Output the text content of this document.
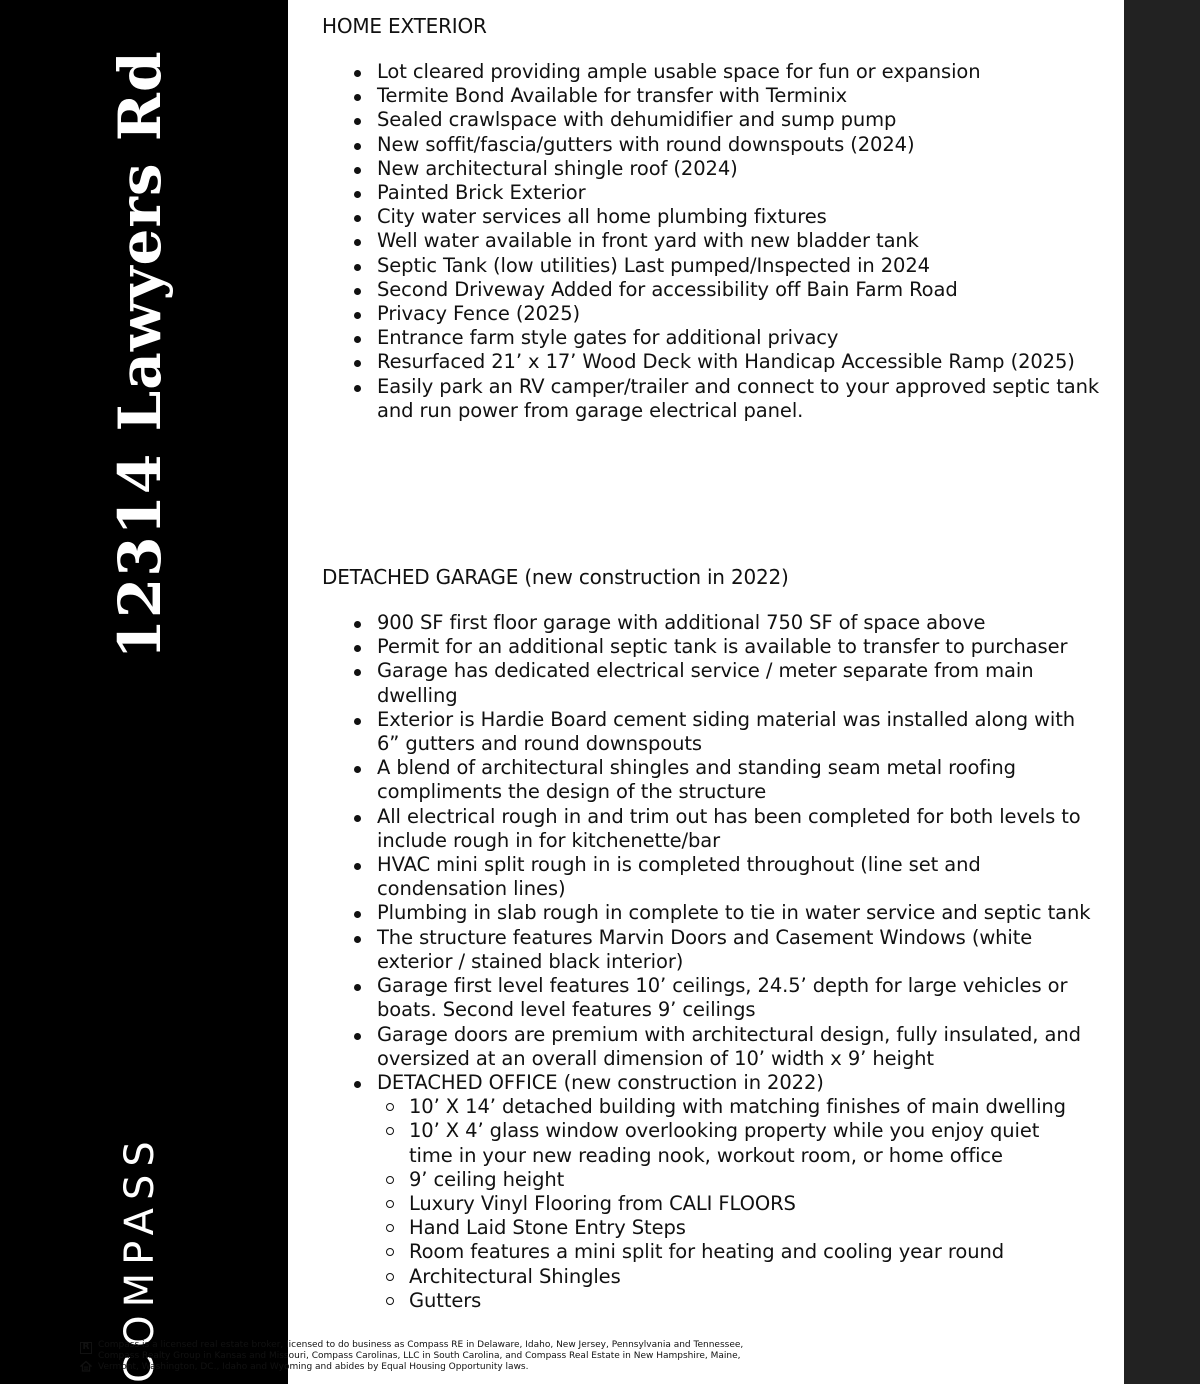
12314 Lawyers Rd
COMPASS
HOME EXTERIOR
Lot cleared providing ample usable space for fun or expansion
Termite Bond Available for transfer with Terminix
Sealed crawlspace with dehumidifier and sump pump
New soffit/fascia/gutters with round downspouts (2024)
New architectural shingle roof (2024)
Painted Brick Exterior
City water services all home plumbing fixtures
Well water available in front yard with new bladder tank
Septic Tank (low utilities) Last pumped/Inspected in 2024
Second Driveway Added for accessibility off Bain Farm Road
Privacy Fence (2025)
Entrance farm style gates for additional privacy
Resurfaced 21’ x 17’ Wood Deck with Handicap Accessible Ramp (2025)
Easily park an RV camper/trailer and connect to your approved septic tank and run power from garage electrical panel.
DETACHED GARAGE (new construction in 2022)
900 SF first floor garage with additional 750 SF of space above
Permit for an additional septic tank is available to transfer to purchaser
Garage has dedicated electrical service / meter separate from main dwelling
Exterior is Hardie Board cement siding material was installed along with 6” gutters and round downspouts
A blend of architectural shingles and standing seam metal roofing compliments the design of the structure
All electrical rough in and trim out has been completed for both levels to include rough in for kitchenette/bar
HVAC mini split rough in is completed throughout (line set and condensation lines)
Plumbing in slab rough in complete to tie in water service and septic tank
The structure features Marvin Doors and Casement Windows (white exterior / stained black interior)
Garage first level features 10’ ceilings, 24.5’ depth for large vehicles or boats. Second level features 9’ ceilings
Garage doors are premium with architectural design, fully insulated, and oversized at an overall dimension of 10’ width x 9’ height
DETACHED OFFICE (new construction in 2022)
10’ X 14’ detached building with matching finishes of main dwelling
10’ X 4’ glass window overlooking property while you enjoy quiet time in your new reading nook, workout room, or home office
9’ ceiling height
Luxury Vinyl Flooring from CALI FLOORS
Hand Laid Stone Entry Steps
Room features a mini split for heating and cooling year round
Architectural Shingles
Gutters
R Compass is a licensed real estate broker, licensed to do business as Compass RE in Delaware, Idaho, New Jersey, Pennsylvania and Tennessee, Compass Realty Group in Kansas and Missouri, Compass Carolinas, LLC in South Carolina, and Compass Real Estate in New Hampshire, Maine, Vermont, Washington, DC., Idaho and Wyoming and abides by Equal Housing Opportunity laws.
